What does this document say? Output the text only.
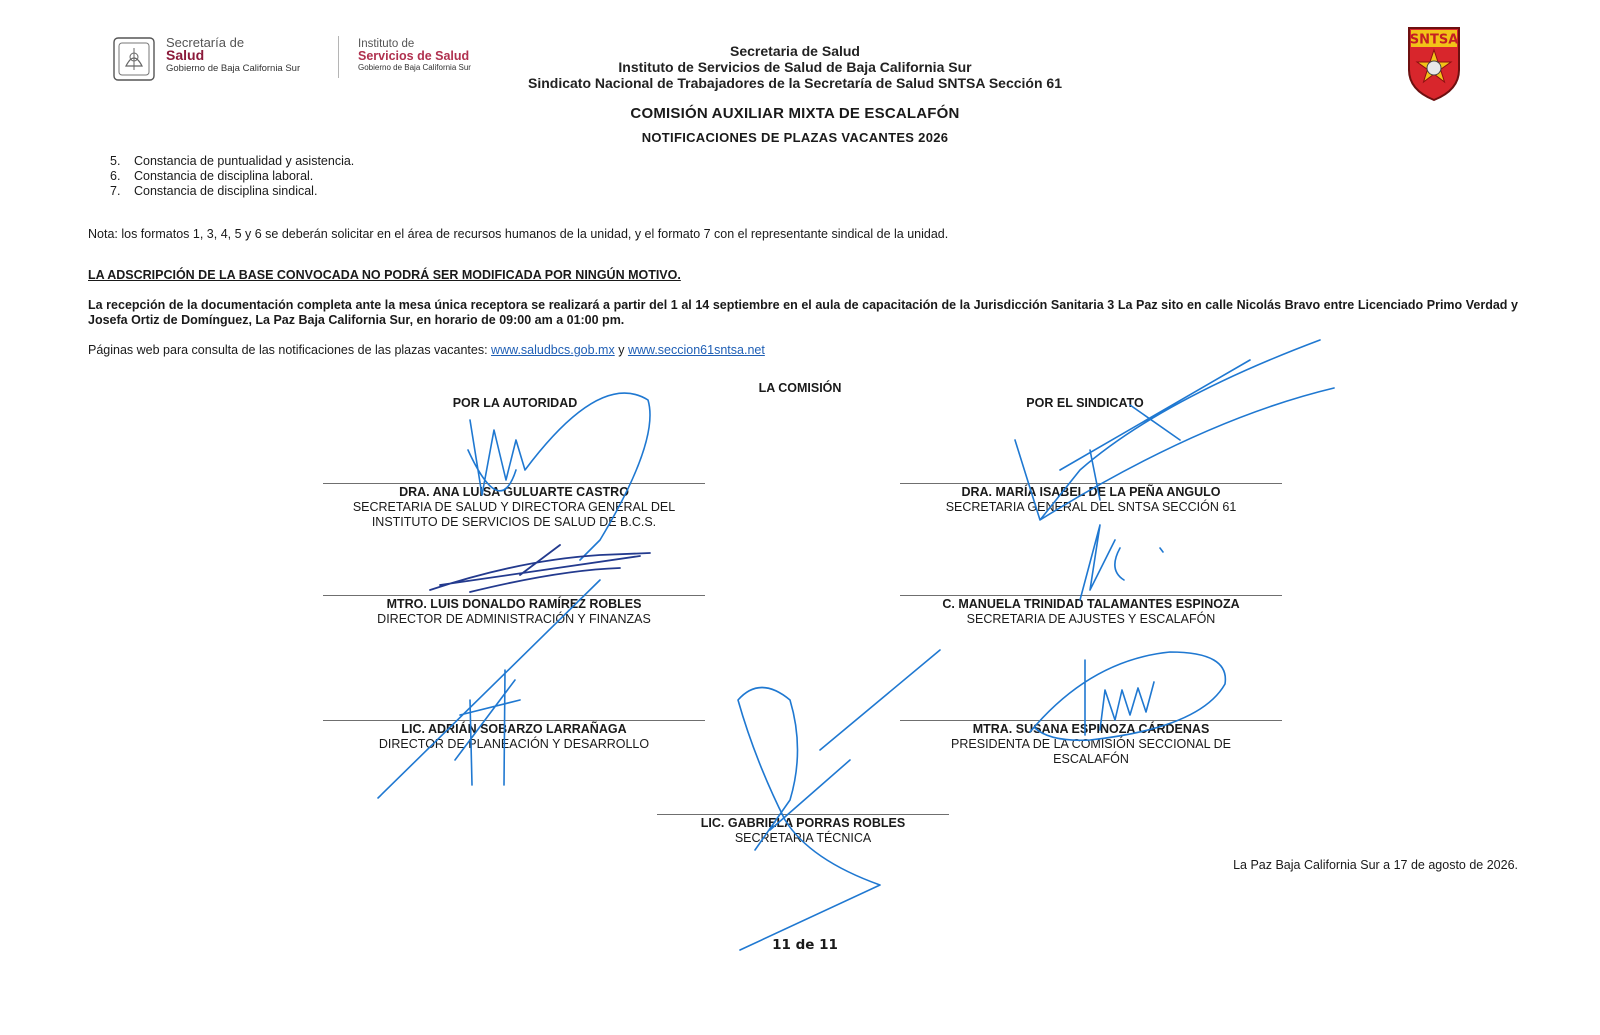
Secretaría de
Salud
Gobierno de Baja California Sur
Instituto de
Servicios de Salud
Gobierno de Baja California Sur
Secretaria de Salud
Instituto de Servicios de Salud de Baja California Sur
Sindicato Nacional de Trabajadores de la Secretaría de Salud SNTSA Sección 61
COMISIÓN AUXILIAR MIXTA DE ESCALAFÓN
NOTIFICACIONES DE PLAZAS VACANTES 2026
SNTSA
5. Constancia de puntualidad y asistencia.
6. Constancia de disciplina laboral.
7. Constancia de disciplina sindical.
Nota: los formatos 1, 3, 4, 5 y 6 se deberán solicitar en el área de recursos humanos de la unidad, y el formato 7 con el representante sindical de la unidad.
LA ADSCRIPCIÓN DE LA BASE CONVOCADA NO PODRÁ SER MODIFICADA POR NINGÚN MOTIVO.
La recepción de la documentación completa ante la mesa única receptora se realizará a partir del 1 al 14 septiembre en el aula de capacitación de la Jurisdicción Sanitaria 3 La Paz sito en calle Nicolás Bravo entre Licenciado Primo Verdad y Josefa Ortiz de Domínguez, La Paz Baja California Sur, en horario de 09:00 am a 01:00 pm.
Páginas web para consulta de las notificaciones de las plazas vacantes: www.saludbcs.gob.mx y www.seccion61sntsa.net
LA COMISIÓN
POR LA AUTORIDAD	POR EL SINDICATO
DRA. ANA LUISA GULUARTE CASTRO
SECRETARIA DE SALUD Y DIRECTORA GENERAL DEL
INSTITUTO DE SERVICIOS DE SALUD DE B.C.S.
MTRO. LUIS DONALDO RAMÍREZ ROBLES
DIRECTOR DE ADMINISTRACIÓN Y FINANZAS
LIC. ADRIÁN SOBARZO LARRAÑAGA
DIRECTOR DE PLANEACIÓN Y DESARROLLO
DRA. MARÍA ISABEL DE LA PEÑA ANGULO
SECRETARIA GENERAL DEL SNTSA SECCIÓN 61
C. MANUELA TRINIDAD TALAMANTES ESPINOZA
SECRETARIA DE AJUSTES Y ESCALAFÓN
MTRA. SUSANA ESPINOZA CÁRDENAS
PRESIDENTA DE LA COMISIÓN SECCIONAL DE
ESCALAFÓN
LIC. GABRIELA PORRAS ROBLES
SECRETARIA TÉCNICA
La Paz Baja California Sur a 17 de agosto de 2026.
11 de 11
